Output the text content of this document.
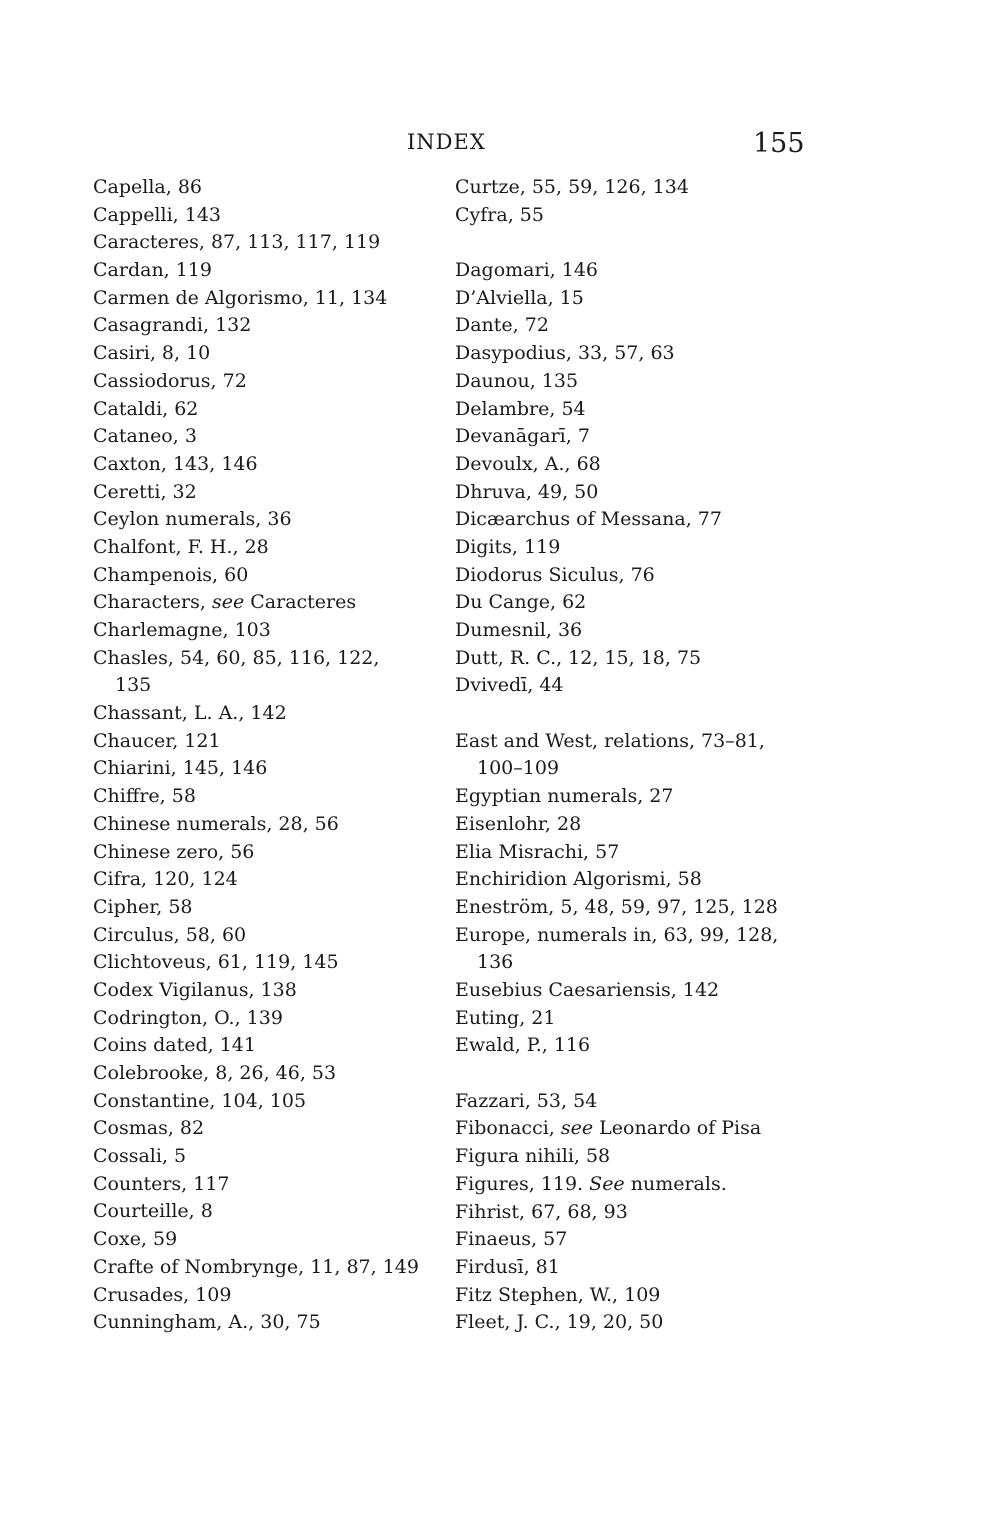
INDEX	155
Capella, 86
Cappelli, 143
Caracteres, 87, 113, 117, 119
Cardan, 119
Carmen de Algorismo, 11, 134
Casagrandi, 132
Casiri, 8, 10
Cassiodorus, 72
Cataldi, 62
Cataneo, 3
Caxton, 143, 146
Ceretti, 32
Ceylon numerals, 36
Chalfont, F. H., 28
Champenois, 60
Characters, see Caracteres
Charlemagne, 103
Chasles, 54, 60, 85, 116, 122,
135
Chassant, L. A., 142
Chaucer, 121
Chiarini, 145, 146
Chiffre, 58
Chinese numerals, 28, 56
Chinese zero, 56
Cifra, 120, 124
Cipher, 58
Circulus, 58, 60
Clichtoveus, 61, 119, 145
Codex Vigilanus, 138
Codrington, O., 139
Coins dated, 141
Colebrooke, 8, 26, 46, 53
Constantine, 104, 105
Cosmas, 82
Cossali, 5
Counters, 117
Courteille, 8
Coxe, 59
Crafte of Nombrynge, 11, 87, 149
Crusades, 109
Cunningham, A., 30, 75
Curtze, 55, 59, 126, 134
Cyfra, 55
Dagomari, 146
D’Alviella, 15
Dante, 72
Dasypodius, 33, 57, 63
Daunou, 135
Delambre, 54
Devanāgarī, 7
Devoulx, A., 68
Dhruva, 49, 50
Dicæarchus of Messana, 77
Digits, 119
Diodorus Siculus, 76
Du Cange, 62
Dumesnil, 36
Dutt, R. C., 12, 15, 18, 75
Dvivedī, 44
East and West, relations, 73–81,
100–109
Egyptian numerals, 27
Eisenlohr, 28
Elia Misrachi, 57
Enchiridion Algorismi, 58
Eneström, 5, 48, 59, 97, 125, 128
Europe, numerals in, 63, 99, 128,
136
Eusebius Caesariensis, 142
Euting, 21
Ewald, P., 116
Fazzari, 53, 54
Fibonacci, see Leonardo of Pisa
Figura nihili, 58
Figures, 119. See numerals.
Fihrist, 67, 68, 93
Finaeus, 57
Firdusī, 81
Fitz Stephen, W., 109
Fleet, J. C., 19, 20, 50
